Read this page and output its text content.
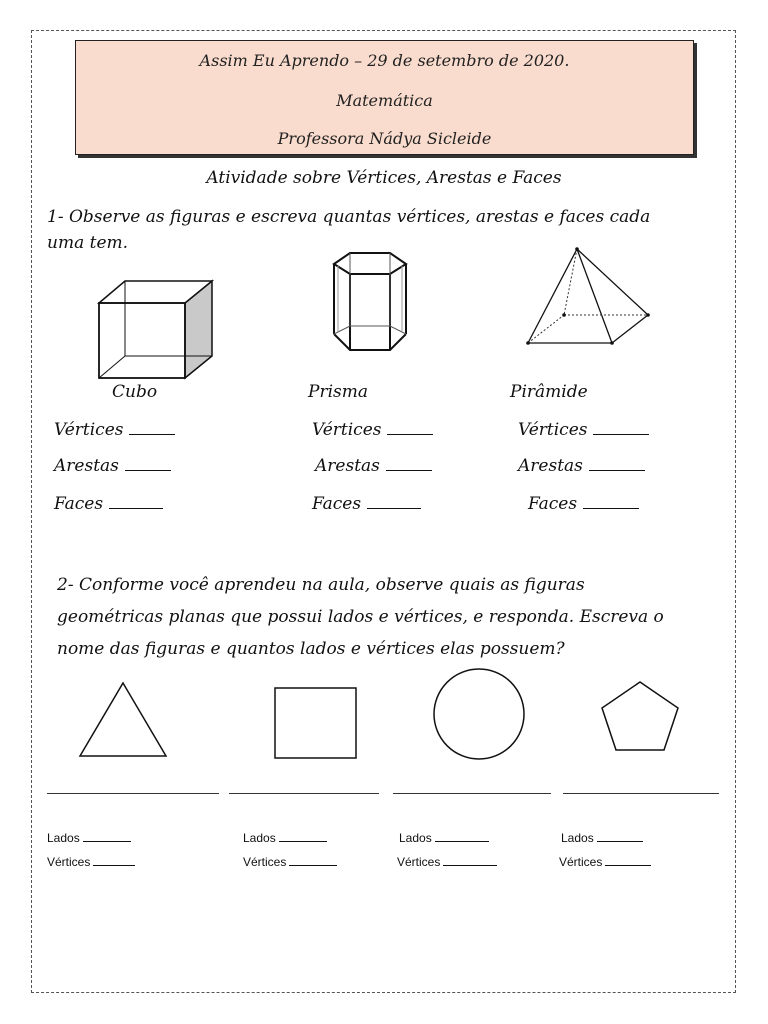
Assim Eu Aprendo – 29 de setembro de 2020.
Matemática
Professora Nádya Sicleide
Atividade sobre Vértices, Arestas e Faces
1- Observe as figuras e escreva quantas vértices, arestas e faces cada
uma tem.
Cubo	Prisma	Pirâmide
Vértices
Arestas
Faces
Vértices
Arestas
Faces
Vértices
Arestas
Faces
2- Conforme você aprendeu na aula, observe quais as figuras
geométricas planas que possui lados e vértices, e responda. Escreva o
nome das figuras e quantos lados e vértices elas possuem?
Lados
Vértices
Lados
Vértices
Lados
Vértices
Lados
Vértices
